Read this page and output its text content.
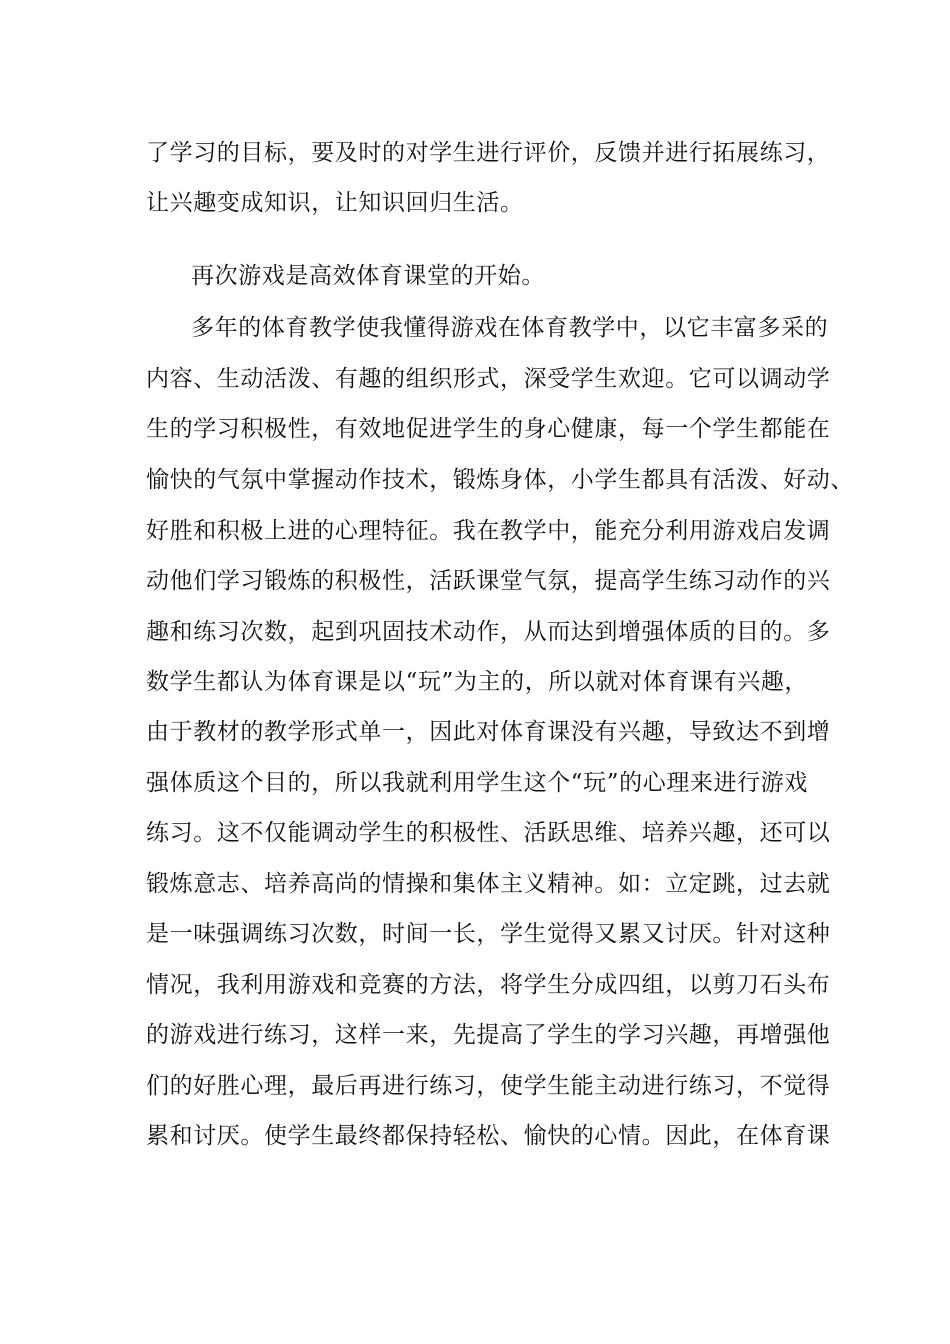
了学习的目标，要及时的对学生进行评价，反馈并进行拓展练习，
让兴趣变成知识，让知识回归生活。
再次游戏是高效体育课堂的开始。
多年的体育教学使我懂得游戏在体育教学中，以它丰富多采的
内容、生动活泼、有趣的组织形式，深受学生欢迎。它可以调动学
生的学习积极性，有效地促进学生的身心健康，每一个学生都能在
愉快的气氛中掌握动作技术，锻炼身体，小学生都具有活泼、好动、
好胜和积极上进的心理特征。我在教学中，能充分利用游戏启发调
动他们学习锻炼的积极性，活跃课堂气氛，提高学生练习动作的兴
趣和练习次数，起到巩固技术动作，从而达到增强体质的目的。多
数学生都认为体育课是以“玩”为主的，所以就对体育课有兴趣，
由于教材的教学形式单一，因此对体育课没有兴趣，导致达不到增
强体质这个目的，所以我就利用学生这个“玩”的心理来进行游戏
练习。这不仅能调动学生的积极性、活跃思维、培养兴趣，还可以
锻炼意志、培养高尚的情操和集体主义精神。如：立定跳，过去就
是一味强调练习次数，时间一长，学生觉得又累又讨厌。针对这种
情况，我利用游戏和竞赛的方法，将学生分成四组，以剪刀石头布
的游戏进行练习，这样一来，先提高了学生的学习兴趣，再增强他
们的好胜心理，最后再进行练习，使学生能主动进行练习，不觉得
累和讨厌。使学生最终都保持轻松、愉快的心情。因此，在体育课
